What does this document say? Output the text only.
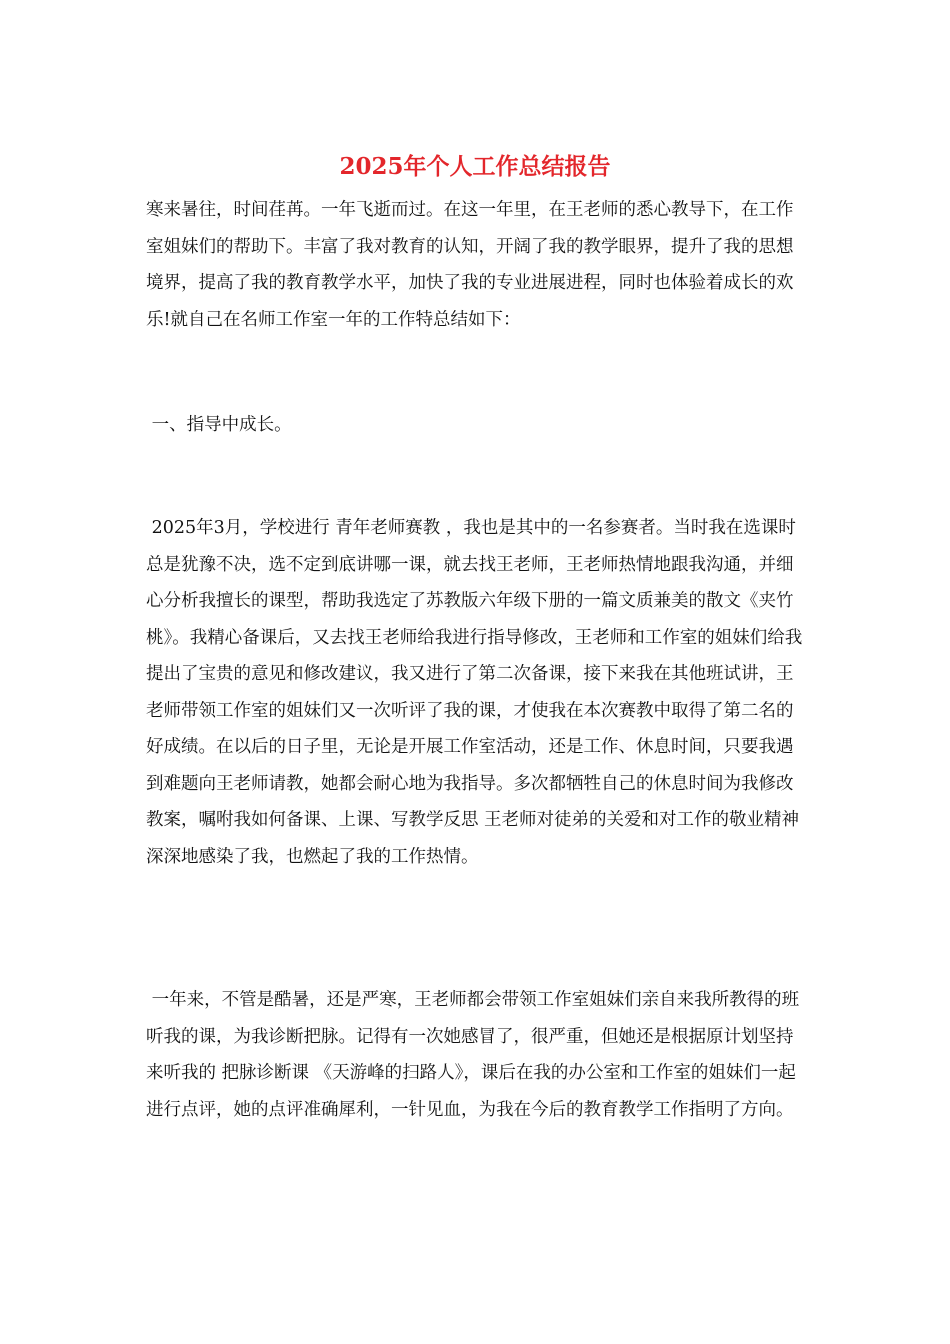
2025年个人工作总结报告

寒来暑往，时间荏苒。一年飞逝而过。在这一年里，在王老师的悉心教导下，在工作室姐妹们的帮助下。丰富了我对教育的认知，开阔了我的教学眼界，提升了我的思想境界，提高了我的教育教学水平，加快了我的专业进展进程，同时也体验着成长的欢乐!就自己在名师工作室一年的工作特总结如下：

一、指导中成长。

2025年3月，学校进行 青年老师赛教 ，我也是其中的一名参赛者。当时我在选课时总是犹豫不决，选不定到底讲哪一课，就去找王老师，王老师热情地跟我沟通，并细心分析我擅长的课型，帮助我选定了苏教版六年级下册的一篇文质兼美的散文《夹竹桃》。我精心备课后，又去找王老师给我进行指导修改，王老师和工作室的姐妹们给我提出了宝贵的意见和修改建议，我又进行了第二次备课，接下来我在其他班试讲，王老师带领工作室的姐妹们又一次听评了我的课，才使我在本次赛教中取得了第二名的好成绩。在以后的日子里，无论是开展工作室活动，还是工作、休息时间，只要我遇到难题向王老师请教，她都会耐心地为我指导。多次都牺牲自己的休息时间为我修改教案，嘱咐我如何备课、上课、写教学反思 王老师对徒弟的关爱和对工作的敬业精神深深地感染了我，也燃起了我的工作热情。

一年来，不管是酷暑，还是严寒，王老师都会带领工作室姐妹们亲自来我所教得的班听我的课，为我诊断把脉。记得有一次她感冒了，很严重，但她还是根据原计划坚持来听我的 把脉诊断课 《天游峰的扫路人》，课后在我的办公室和工作室的姐妹们一起进行点评，她的点评准确犀利，一针见血，为我在今后的教育教学工作指明了方向。
